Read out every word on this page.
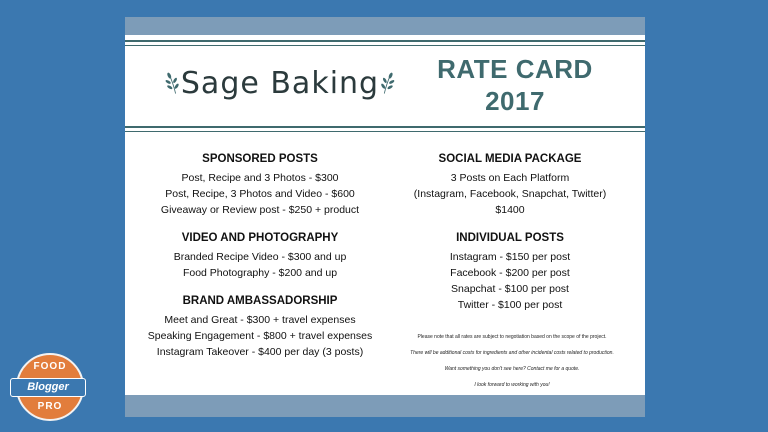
Sage Baking	RATE CARD
2017
SPONSORED POSTS
Post, Recipe and 3 Photos - $300
Post, Recipe, 3 Photos and Video - $600
Giveaway or Review post - $250 + product
VIDEO AND PHOTOGRAPHY
Branded Recipe Video - $300 and up
Food Photography - $200 and up
BRAND AMBASSADORSHIP
Meet and Great - $300 + travel expenses
Speaking Engagement - $800 + travel expenses
Instagram Takeover - $400 per day (3 posts)
SOCIAL MEDIA PACKAGE
3 Posts on Each Platform
(Instagram, Facebook, Snapchat, Twitter)
$1400
INDIVIDUAL POSTS
Instagram - $150 per post
Facebook - $200 per post
Snapchat - $100 per post
Twitter - $100 per post
Please note that all rates are subject to negotiation based on the scope of the project.
There will be additional costs for ingredients and other incidental costs related to production.
Want something you don't see here? Contact me for a quote.
I look forward to working with you!
FOOD
PRO
Blogger
